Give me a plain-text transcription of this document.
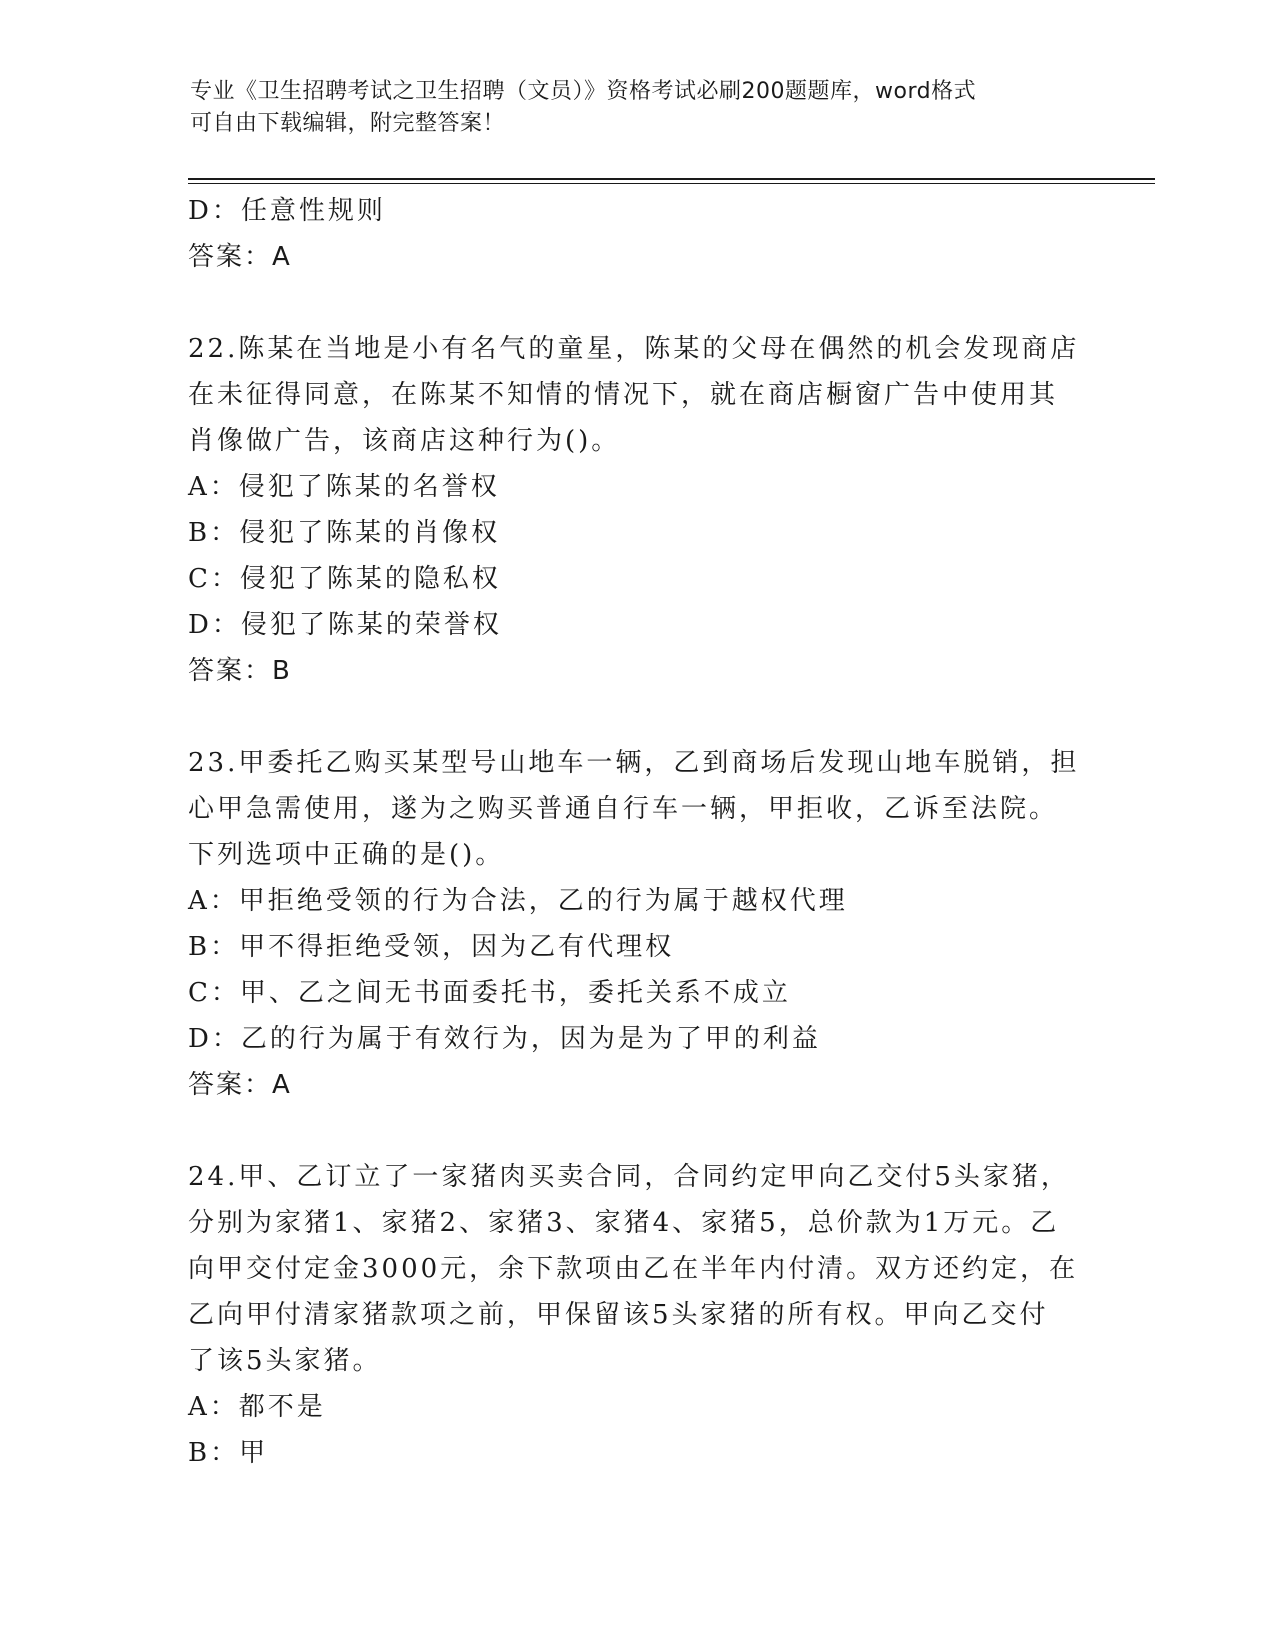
专业《卫生招聘考试之卫生招聘（文员）》资格考试必刷200题题库，word格式
可自由下载编辑，附完整答案！
D：任意性规则
答案：A
22.陈某在当地是小有名气的童星，陈某的父母在偶然的机会发现商店
在未征得同意，在陈某不知情的情况下，就在商店橱窗广告中使用其
肖像做广告，该商店这种行为()。
A：侵犯了陈某的名誉权
B：侵犯了陈某的肖像权
C：侵犯了陈某的隐私权
D：侵犯了陈某的荣誉权
答案：B
23.甲委托乙购买某型号山地车一辆，乙到商场后发现山地车脱销，担
心甲急需使用，遂为之购买普通自行车一辆，甲拒收，乙诉至法院。
下列选项中正确的是()。
A：甲拒绝受领的行为合法，乙的行为属于越权代理
B：甲不得拒绝受领，因为乙有代理权
C：甲、乙之间无书面委托书，委托关系不成立
D：乙的行为属于有效行为，因为是为了甲的利益
答案：A
24.甲、乙订立了一家猪肉买卖合同，合同约定甲向乙交付5头家猪，
分别为家猪1、家猪2、家猪3、家猪4、家猪5，总价款为1万元。乙
向甲交付定金3000元，余下款项由乙在半年内付清。双方还约定，在
乙向甲付清家猪款项之前，甲保留该5头家猪的所有权。甲向乙交付
了该5头家猪。
A：都不是
B：甲
